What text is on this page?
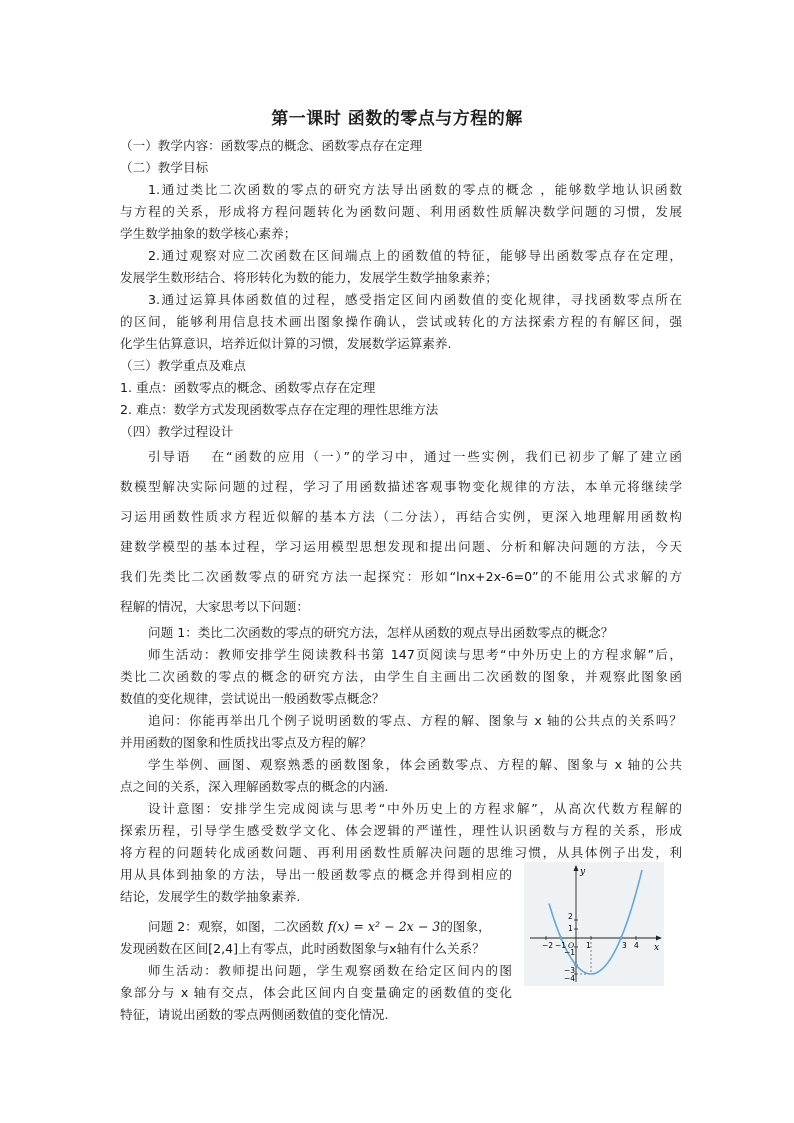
第一课时 函数的零点与方程的解
（一）教学内容：函数零点的概念、函数零点存在定理
（二）教学目标
1.通过类比二次函数的零点的研究方法导出函数的零点的概念 ，能够数学地认识函数
与方程的关系，形成将方程问题转化为函数问题、利用函数性质解决数学问题的习惯，发展
学生数学抽象的数学核心素养；
2.通过观察对应二次函数在区间端点上的函数值的特征，能够导出函数零点存在定理，
发展学生数形结合、将形转化为数的能力，发展学生数学抽象素养；
3.通过运算具体函数值的过程，感受指定区间内函数值的变化规律，寻找函数零点所在
的区间，能够利用信息技术画出图象操作确认，尝试或转化的方法探索方程的有解区间，强
化学生估算意识，培养近似计算的习惯，发展数学运算素养.
（三）教学重点及难点
1. 重点：函数零点的概念、函数零点存在定理
2. 难点：数学方式发现函数零点存在定理的理性思维方法
（四）教学过程设计
引导语　 在“函数的应用（一）”的学习中，通过一些实例，我们已初步了解了建立函
数模型解决实际问题的过程，学习了用函数描述客观事物变化规律的方法，本单元将继续学
习运用函数性质求方程近似解的基本方法（二分法），再结合实例，更深入地理解用函数构
建数学模型的基本过程，学习运用模型思想发现和提出问题、分析和解决问题的方法，今天
我们先类比二次函数零点的研究方法一起探究：形如“lnx+2x-6=0”的不能用公式求解的方
程解的情况，大家思考以下问题：
问题 1：类比二次函数的零点的研究方法，怎样从函数的观点导出函数零点的概念？
师生活动：教师安排学生阅读教科书第 147页阅读与思考“中外历史上的方程求解”后，
类比二次函数的零点的概念的研究方法，由学生自主画出二次函数的图象，并观察此图象函
数值的变化规律，尝试说出一般函数零点概念？
追问：你能再举出几个例子说明函数的零点、方程的解、图象与 x 轴的公共点的关系吗？
并用函数的图象和性质找出零点及方程的解？
学生举例、画图、观察熟悉的函数图象，体会函数零点、方程的解、图象与 x 轴的公共
点之间的关系，深入理解函数零点的概念的内涵.
设计意图：安排学生完成阅读与思考“中外历史上的方程求解”，从高次代数方程解的
探索历程，引导学生感受数学文化、体会逻辑的严谨性，理性认识函数与方程的关系，形成
将方程的问题转化成函数问题、再利用函数性质解决问题的思维习惯，从具体例子出发，利
用从具体到抽象的方法，导出一般函数零点的概念并得到相应的
结论，发展学生的数学抽象素养.
问题 2：观察，如图，二次函数 f(x) = x² − 2x − 3的图象，
发现函数在区间[2,4]上有零点，此时函数图象与x轴有什么关系？
师生活动：教师提出问题，学生观察函数在给定区间内的图
象部分与 x 轴有交点，体会此区间内自变量确定的函数值的变化
特征，请说出函数的零点两侧函数值的变化情况.
y
x
−2 −1 O 1	3 4
2
1
−1
−3
−4
